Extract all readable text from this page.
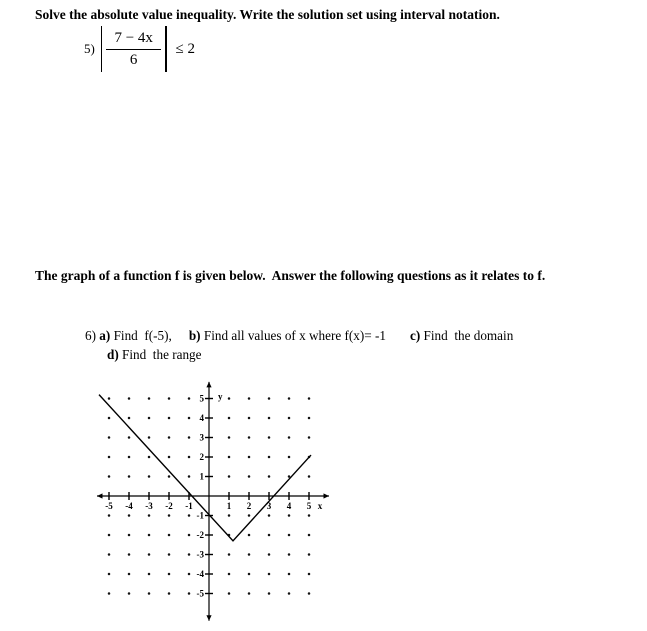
Solve the absolute value inequality. Write the solution set using interval notation.
$5) \frac{7 - 4x}{6} \le 2$
The graph of a function f is given below.  Answer the following questions as it relates to f.
6) a) Find  f(-5), b) Find all values of x where f(x)= -1 c) Find  the domain
d) Find  the range
-5 -4 -3 -2 -1	1 2 3 4 5
-5
-4
-3
-2
-1
1
2
3
4
5
x
y
